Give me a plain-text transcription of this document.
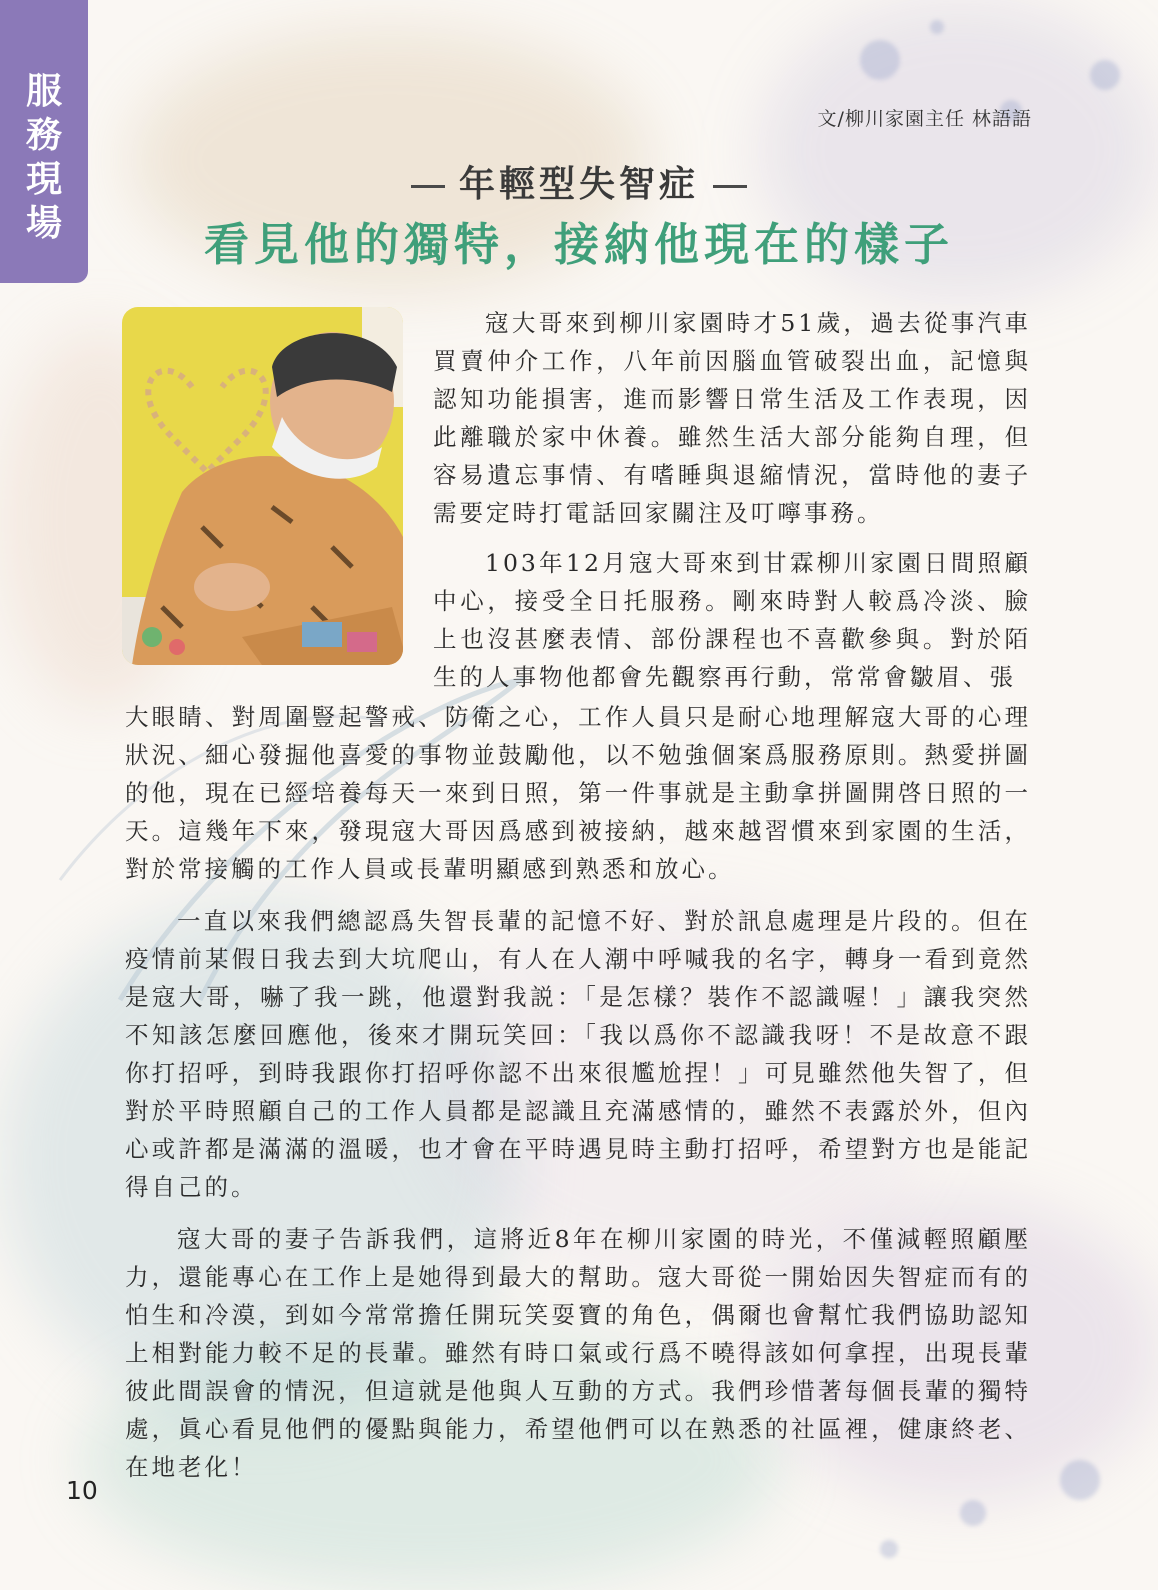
服
務
現
場
文/柳川家園主任 林語語
年輕型失智症
看見他的獨特，接納他現在的樣子

寇大哥來到柳川家園時才51歲，過去從事汽車買賣仲介工作，八年前因腦血管破裂出血，記憶與認知功能損害，進而影響日常生活及工作表現，因此離職於家中休養。雖然生活大部分能夠自理，但容易遺忘事情、有嗜睡與退縮情況，當時他的妻子需要定時打電話回家關注及叮嚀事務。

103年12月寇大哥來到甘霖柳川家園日間照顧中心，接受全日托服務。剛來時對人較爲冷淡、臉上也沒甚麼表情、部份課程也不喜歡參與。對於陌生的人事物他都會先觀察再行動，常常會皺眉、張

大眼睛、對周圍豎起警戒、防衛之心，工作人員只是耐心地理解寇大哥的心理狀況、細心發掘他喜愛的事物並鼓勵他，以不勉強個案爲服務原則。熱愛拼圖的他，現在已經培養每天一來到日照，第一件事就是主動拿拼圖開啓日照的一天。這幾年下來，發現寇大哥因爲感到被接納，越來越習慣來到家園的生活，對於常接觸的工作人員或長輩明顯感到熟悉和放心。

一直以來我們總認爲失智長輩的記憶不好、對於訊息處理是片段的。但在疫情前某假日我去到大坑爬山，有人在人潮中呼喊我的名字，轉身一看到竟然是寇大哥，嚇了我一跳，他還對我説：「是怎樣？裝作不認識喔！」讓我突然不知該怎麼回應他，後來才開玩笑回：「我以爲你不認識我呀！不是故意不跟你打招呼，到時我跟你打招呼你認不出來很尷尬捏！」可見雖然他失智了，但對於平時照顧自己的工作人員都是認識且充滿感情的，雖然不表露於外，但內心或許都是滿滿的溫暖，也才會在平時遇見時主動打招呼，希望對方也是能記得自己的。

寇大哥的妻子告訴我們，這將近8年在柳川家園的時光，不僅減輕照顧壓力，還能專心在工作上是她得到最大的幫助。寇大哥從一開始因失智症而有的怕生和冷漠，到如今常常擔任開玩笑耍寶的角色，偶爾也會幫忙我們協助認知上相對能力較不足的長輩。雖然有時口氣或行爲不曉得該如何拿捏，出現長輩彼此間誤會的情況，但這就是他與人互動的方式。我們珍惜著每個長輩的獨特處，眞心看見他們的優點與能力，希望他們可以在熟悉的社區裡，健康終老、在地老化！

10
